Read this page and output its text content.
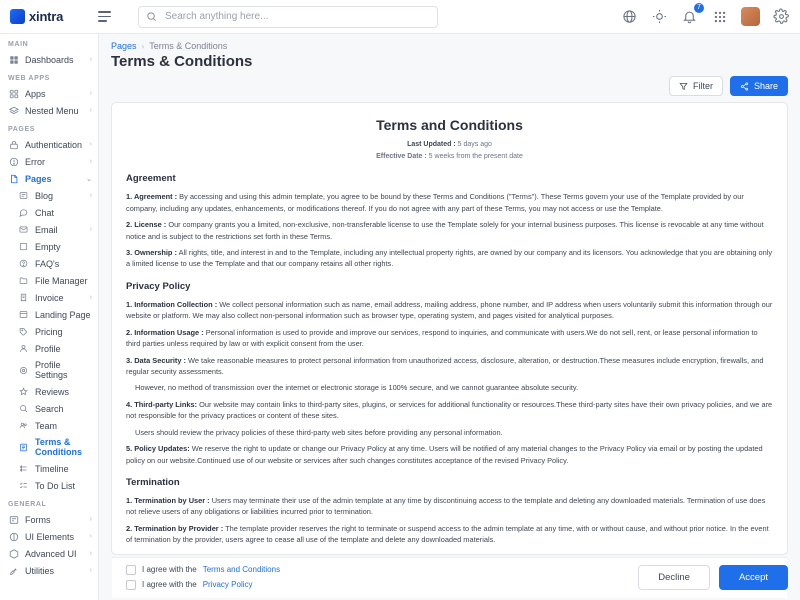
xintra
Search anything here...
7
MAIN
Dashboards ›
WEB APPS
Apps	›
Nested Menu ›
PAGES
Authentication ›
Error	›
Pages	⌄
Blog	›
Chat
Email	›
Empty
FAQ's
File Manager
Invoice	›
Landing Page
Pricing
Profile
Profile Settings
Reviews
Search
Team
Terms & Conditions
Timeline
To Do List
GENERAL
Forms	›
UI Elements ›
Advanced UI ›
Utilities	›
Pages › Terms & Conditions
Terms & Conditions
Filter	Share
Terms and Conditions
Last Updated : 5 days ago
Effective Date : 5 weeks from the present date
Agreement

1. Agreement : By accessing and using this admin template, you agree to be bound by these Terms and Conditions ("Terms"). These Terms govern your use of the Template provided by our company, including any updates, enhancements, or modifications thereof. If you do not agree with any part of these Terms, you may not access or use the Template.

2. License : Our company grants you a limited, non-exclusive, non-transferable license to use the Template solely for your internal business purposes. This license is revocable at any time without notice and is subject to the restrictions set forth in these Terms.

3. Ownership : All rights, title, and interest in and to the Template, including any intellectual property rights, are owned by our company and its licensors. You acknowledge that you are obtaining only a limited license to use the Template and that our company retains all other rights.

Privacy Policy

1. Information Collection : We collect personal information such as name, email address, mailing address, phone number, and IP address when users voluntarily submit this information through our website or platform. We may also collect non-personal information such as browser type, operating system, and pages visited for analytical purposes.

2. Information Usage : Personal information is used to provide and improve our services, respond to inquiries, and communicate with users.We do not sell, rent, or lease personal information to third parties unless required by law or with explicit consent from the user.

3. Data Security : We take reasonable measures to protect personal information from unauthorized access, disclosure, alteration, or destruction.These measures include encryption, firewalls, and regular security assessments.

However, no method of transmission over the internet or electronic storage is 100% secure, and we cannot guarantee absolute security.

4. Third-party Links: Our website may contain links to third-party sites, plugins, or services for additional functionality or resources.These third-party sites have their own privacy policies, and we are not responsible for the privacy practices or content of these sites.

Users should review the privacy policies of these third-party web sites before providing any personal information.

5. Policy Updates: We reserve the right to update or change our Privacy Policy at any time. Users will be notified of any material changes to the Privacy Policy via email or by posting the updated policy on our website.Continued use of our website or services after such changes constitutes acceptance of the revised Privacy Policy.

Termination

1. Termination by User : Users may terminate their use of the admin template at any time by discontinuing access to the template and deleting any downloaded materials. Termination of use does not relieve users of any obligations or liabilities incurred prior to termination.

2. Termination by Provider : The template provider reserves the right to terminate or suspend access to the admin template at any time, with or without cause, and without prior notice. In the event of termination by the provider, users agree to cease all use of the template and delete any downloaded materials.

I agree with the Terms and Conditions
I agree with the Privacy Policy
Decline	Accept
